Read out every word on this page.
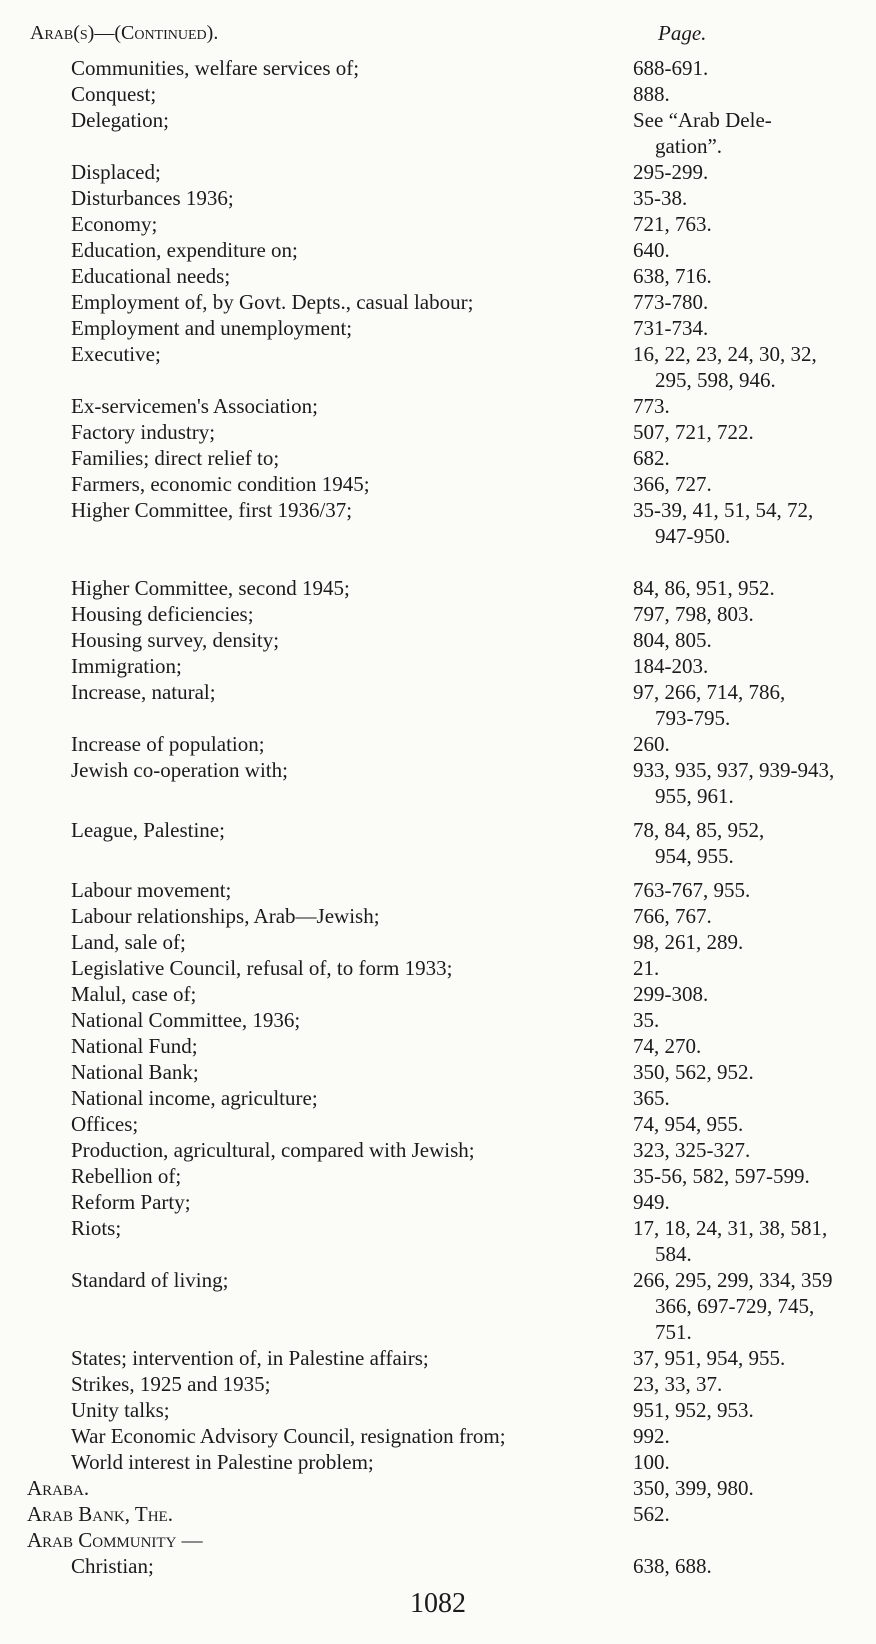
Arab(s)—(Continued).	Page.
Communities, welfare services of;	688-691.
Conquest;	888.
Delegation;	See “Arab Dele-
gation”.
Displaced;	295-299.
Disturbances 1936;	35-38.
Economy;	721, 763.
Education, expenditure on;	640.
Educational needs;	638, 716.
Employment of, by Govt. Depts., casual labour;	773-780.
Employment and unemployment;	731-734.
Executive;	16, 22, 23, 24, 30, 32,
295, 598, 946.
Ex-servicemen's Association;	773.
Factory industry;	507, 721, 722.
Families; direct relief to;	682.
Farmers, economic condition 1945;	366, 727.
Higher Committee, first 1936/37;	35-39, 41, 51, 54, 72,
947-950.
Higher Committee, second 1945;	84, 86, 951, 952.
Housing deficiencies;	797, 798, 803.
Housing survey, density;	804, 805.
Immigration;	184-203.
Increase, natural;	97, 266, 714, 786,
793-795.
Increase of population;	260.
Jewish co-operation with;	933, 935, 937, 939-943,
955, 961.
League, Palestine;	78, 84, 85, 952,
954, 955.
Labour movement;	763-767, 955.
Labour relationships, Arab—Jewish;	766, 767.
Land, sale of;	98, 261, 289.
Legislative Council, refusal of, to form 1933;	21.
Malul, case of;	299-308.
National Committee, 1936;	35.
National Fund;	74, 270.
National Bank;	350, 562, 952.
National income, agriculture;	365.
Offices;	74, 954, 955.
Production, agricultural, compared with Jewish;	323, 325-327.
Rebellion of;	35-56, 582, 597-599.
Reform Party;	949.
Riots;	17, 18, 24, 31, 38, 581,
584.
Standard of living;	266, 295, 299, 334, 359
366, 697-729, 745,
751.
States; intervention of, in Palestine affairs;	37, 951, 954, 955.
Strikes, 1925 and 1935;	23, 33, 37.
Unity talks;	951, 952, 953.
War Economic Advisory Council, resignation from;	992.
World interest in Palestine problem;	100.
Araba.	350, 399, 980.
Arab Bank, The.	562.
Arab Community —
Christian;	638, 688.
1082
